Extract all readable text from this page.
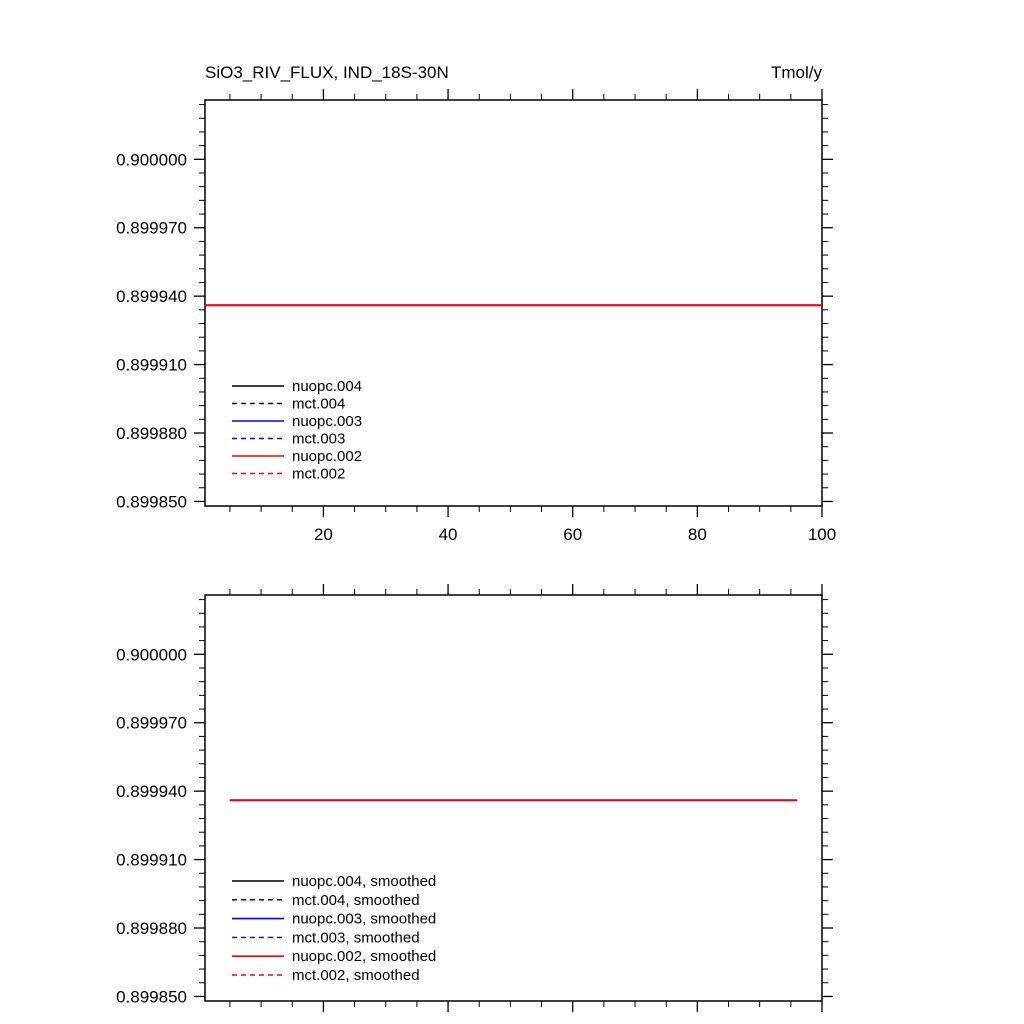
SiO3_RIV_FLUX, IND_18S-30N	Tmol/y
20	40	60	80	100
0.900000
0.899970
0.899940
0.899910
0.899880
0.899850
nuopc.004
mct.004
nuopc.003
mct.003
nuopc.002
mct.002
0.900000
0.899970
0.899940
0.899910
0.899880
0.899850
nuopc.004, smoothed
mct.004, smoothed
nuopc.003, smoothed
mct.003, smoothed
nuopc.002, smoothed
mct.002, smoothed
